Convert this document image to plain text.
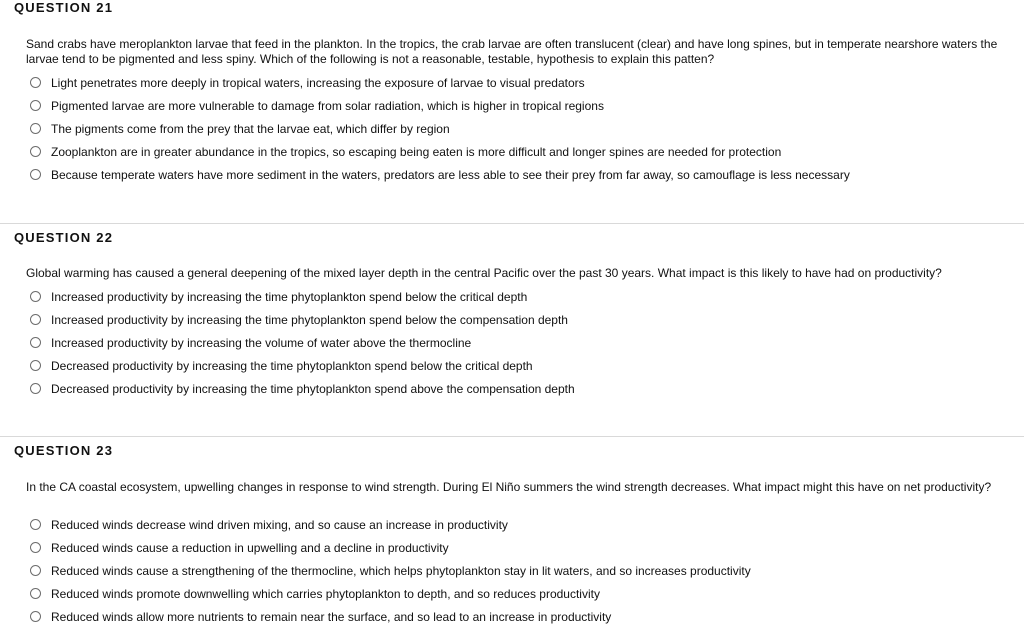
QUESTION 21
Sand crabs have meroplankton larvae that feed in the plankton. In the tropics, the crab larvae are often translucent (clear) and have long spines, but in temperate nearshore waters the larvae tend to be pigmented and less spiny. Which of the following is not a reasonable, testable, hypothesis to explain this patten?
Light penetrates more deeply in tropical waters, increasing the exposure of larvae to visual predators
Pigmented larvae are more vulnerable to damage from solar radiation, which is higher in tropical regions
The pigments come from the prey that the larvae eat, which differ by region
Zooplankton are in greater abundance in the tropics, so escaping being eaten is more difficult and longer spines are needed for protection
Because temperate waters have more sediment in the waters, predators are less able to see their prey from far away, so camouflage is less necessary
QUESTION 22
Global warming has caused a general deepening of the mixed layer depth in the central Pacific over the past 30 years. What impact is this likely to have had on productivity?
Increased productivity by increasing the time phytoplankton spend below the critical depth
Increased productivity by increasing the time phytoplankton spend below the compensation depth
Increased productivity by increasing the volume of water above the thermocline
Decreased productivity by increasing the time phytoplankton spend below the critical depth
Decreased productivity by increasing the time phytoplankton spend above the compensation depth
QUESTION 23
In the CA coastal ecosystem, upwelling changes in response to wind strength. During El Niño summers the wind strength decreases. What impact might this have on net productivity?
Reduced winds decrease wind driven mixing, and so cause an increase in productivity
Reduced winds cause a reduction in upwelling and a decline in productivity
Reduced winds cause a strengthening of the thermocline, which helps phytoplankton stay in lit waters, and so increases productivity
Reduced winds promote downwelling which carries phytoplankton to depth, and so reduces productivity
Reduced winds allow more nutrients to remain near the surface, and so lead to an increase in productivity
